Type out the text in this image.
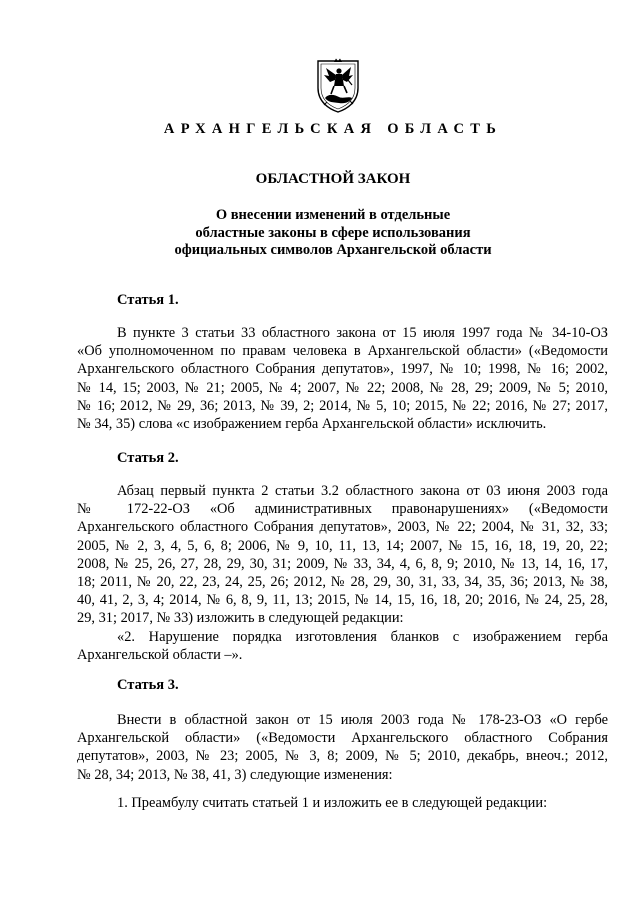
АРХАНГЕЛЬСКАЯ ОБЛАСТЬ
ОБЛАСТНОЙ ЗАКОН
О внесении изменений в отдельные
областные законы в сфере использования
официальных символов Архангельской области
Статья 1.
В пункте 3 статьи 33 областного закона от 15 июля 1997 года № 34-10-ОЗ
«Об уполномоченном по правам человека в Архангельской области» («Ведомости
Архангельского областного Собрания депутатов», 1997, № 10; 1998, № 16; 2002,
№ 14, 15; 2003, № 21; 2005, № 4; 2007, № 22; 2008, № 28, 29; 2009, № 5; 2010,
№ 16; 2012, № 29, 36; 2013, № 39, 2; 2014, № 5, 10; 2015, № 22; 2016, № 27; 2017,
№ 34, 35) слова «с изображением герба Архангельской области» исключить.
Статья 2.
Абзац первый пункта 2 статьи 3.2 областного закона от 03 июня 2003 года
№ 172-22-ОЗ «Об административных правонарушениях» («Ведомости
Архангельского областного Собрания депутатов», 2003, № 22; 2004, № 31, 32, 33;
2005, № 2, 3, 4, 5, 6, 8; 2006, № 9, 10, 11, 13, 14; 2007, № 15, 16, 18, 19, 20, 22;
2008, № 25, 26, 27, 28, 29, 30, 31; 2009, № 33, 34, 4, 6, 8, 9; 2010, № 13, 14, 16, 17,
18; 2011, № 20, 22, 23, 24, 25, 26; 2012, № 28, 29, 30, 31, 33, 34, 35, 36; 2013, № 38,
40, 41, 2, 3, 4; 2014, № 6, 8, 9, 11, 13; 2015, № 14, 15, 16, 18, 20; 2016, № 24, 25, 28,
29, 31; 2017, № 33) изложить в следующей редакции:
«2. Нарушение порядка изготовления бланков с изображением герба
Архангельской области –».
Статья 3.
Внести в областной закон от 15 июля 2003 года № 178-23-ОЗ «О гербе
Архангельской области» («Ведомости Архангельского областного Собрания
депутатов», 2003, № 23; 2005, № 3, 8; 2009, № 5; 2010, декабрь, внеоч.; 2012,
№ 28, 34; 2013, № 38, 41, 3) следующие изменения:
1. Преамбулу считать статьей 1 и изложить ее в следующей редакции:
